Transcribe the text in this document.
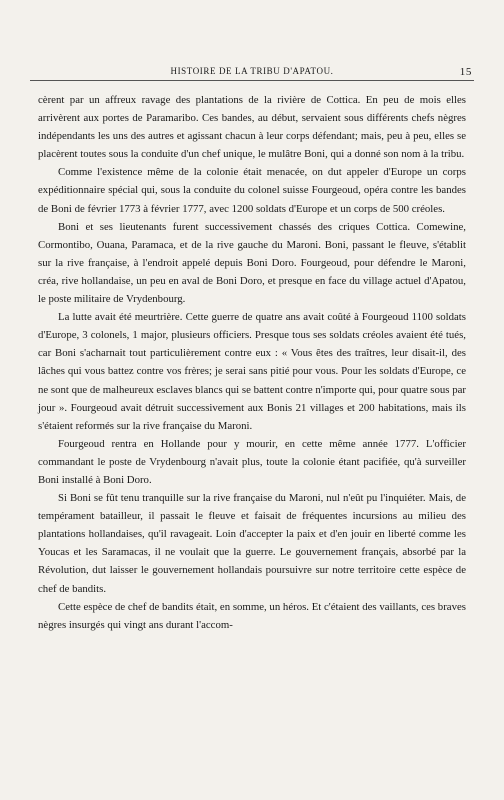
HISTOIRE DE LA TRIBU D'APATOU.	15

cèrent par un affreux ravage des plantations de la rivière de Cottica. En peu de mois elles arrivèrent aux portes de Paramaribo. Ces bandes, au début, servaient sous différents chefs nègres indépendants les uns des autres et agissant chacun à leur corps défendant; mais, peu à peu, elles se placèrent toutes sous la conduite d'un chef unique, le mulâtre Boni, qui a donné son nom à la tribu.

Comme l'existence même de la colonie était menacée, on dut appeler d'Europe un corps expéditionnaire spécial qui, sous la conduite du colonel suisse Fourgeoud, opéra contre les bandes de Boni de février 1773 à février 1777, avec 1200 soldats d'Europe et un corps de 500 créoles.

Boni et ses lieutenants furent successivement chassés des criques Cottica. Comewine, Cormontibo, Ouana, Paramaca, et de la rive gauche du Maroni. Boni, passant le fleuve, s'établit sur la rive française, à l'endroit appelé depuis Boni Doro. Fourgeoud, pour défendre le Maroni, créa, rive hollandaise, un peu en aval de Boni Doro, et presque en face du village actuel d'Apatou, le poste militaire de Vrydenbourg.

La lutte avait été meurtrière. Cette guerre de quatre ans avait coûté à Fourgeoud 1100 soldats d'Europe, 3 colonels, 1 major, plusieurs officiers. Presque tous ses soldats créoles avaient été tués, car Boni s'acharnait tout particulièrement contre eux : « Vous êtes des traîtres, leur disait-il, des lâches qui vous battez contre vos frères; je serai sans pitié pour vous. Pour les soldats d'Europe, ce ne sont que de malheureux esclaves blancs qui se battent contre n'importe qui, pour quatre sous par jour ». Fourgeoud avait détruit successivement aux Bonis 21 villages et 200 habitations, mais ils s'étaient reformés sur la rive française du Maroni.

Fourgeoud rentra en Hollande pour y mourir, en cette même année 1777. L'officier commandant le poste de Vrydenbourg n'avait plus, toute la colonie étant pacifiée, qu'à surveiller Boni installé à Boni Doro.

Si Boni se fût tenu tranquille sur la rive française du Maroni, nul n'eût pu l'inquiéter. Mais, de tempérament batailleur, il passait le fleuve et faisait de fréquentes incursions au milieu des plantations hollandaises, qu'il ravageait. Loin d'accepter la paix et d'en jouir en liberté comme les Youcas et les Saramacas, il ne voulait que la guerre. Le gouvernement français, absorbé par la Révolution, dut laisser le gouvernement hollandais poursuivre sur notre territoire cette espèce de chef de bandits.

Cette espèce de chef de bandits était, en somme, un héros. Et c'étaient des vaillants, ces braves nègres insurgés qui vingt ans durant l'accom-
